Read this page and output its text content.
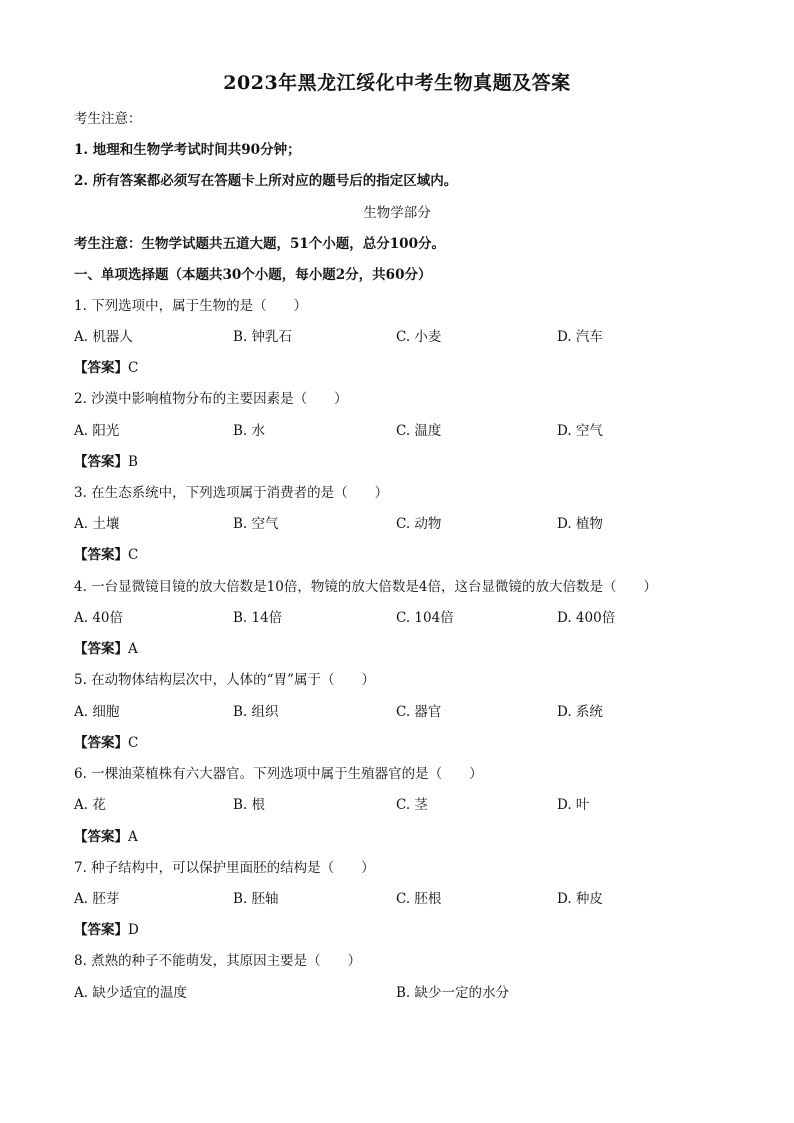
2023年黑龙江绥化中考生物真题及答案
考生注意：
1. 地理和生物学考试时间共90分钟；
2. 所有答案都必须写在答题卡上所对应的题号后的指定区域内。
生物学部分
考生注意：生物学试题共五道大题，51个小题，总分100分。
一、单项选择题（本题共30个小题，每小题2分，共60分）
1. 下列选项中，属于生物的是（　　）
A. 机器人	B. 钟乳石	C. 小麦	D. 汽车
【答案】C
2. 沙漠中影响植物分布的主要因素是（　　）
A. 阳光	B. 水	C. 温度	D. 空气
【答案】B
3. 在生态系统中，下列选项属于消费者的是（　　）
A. 土壤	B. 空气	C. 动物	D. 植物
【答案】C
4. 一台显微镜目镜的放大倍数是10倍，物镜的放大倍数是4倍，这台显微镜的放大倍数是（　　）
A. 40倍	B. 14倍	C. 104倍	D. 400倍
【答案】A
5. 在动物体结构层次中，人体的“胃”属于（　　）
A. 细胞	B. 组织	C. 器官	D. 系统
【答案】C
6. 一棵油菜植株有六大器官。下列选项中属于生殖器官的是（　　）
A. 花	B. 根	C. 茎	D. 叶
【答案】A
7. 种子结构中，可以保护里面胚的结构是（　　）
A. 胚芽	B. 胚轴	C. 胚根	D. 种皮
【答案】D
8. 煮熟的种子不能萌发，其原因主要是（　　）
A. 缺少适宜的温度	B. 缺少一定的水分
